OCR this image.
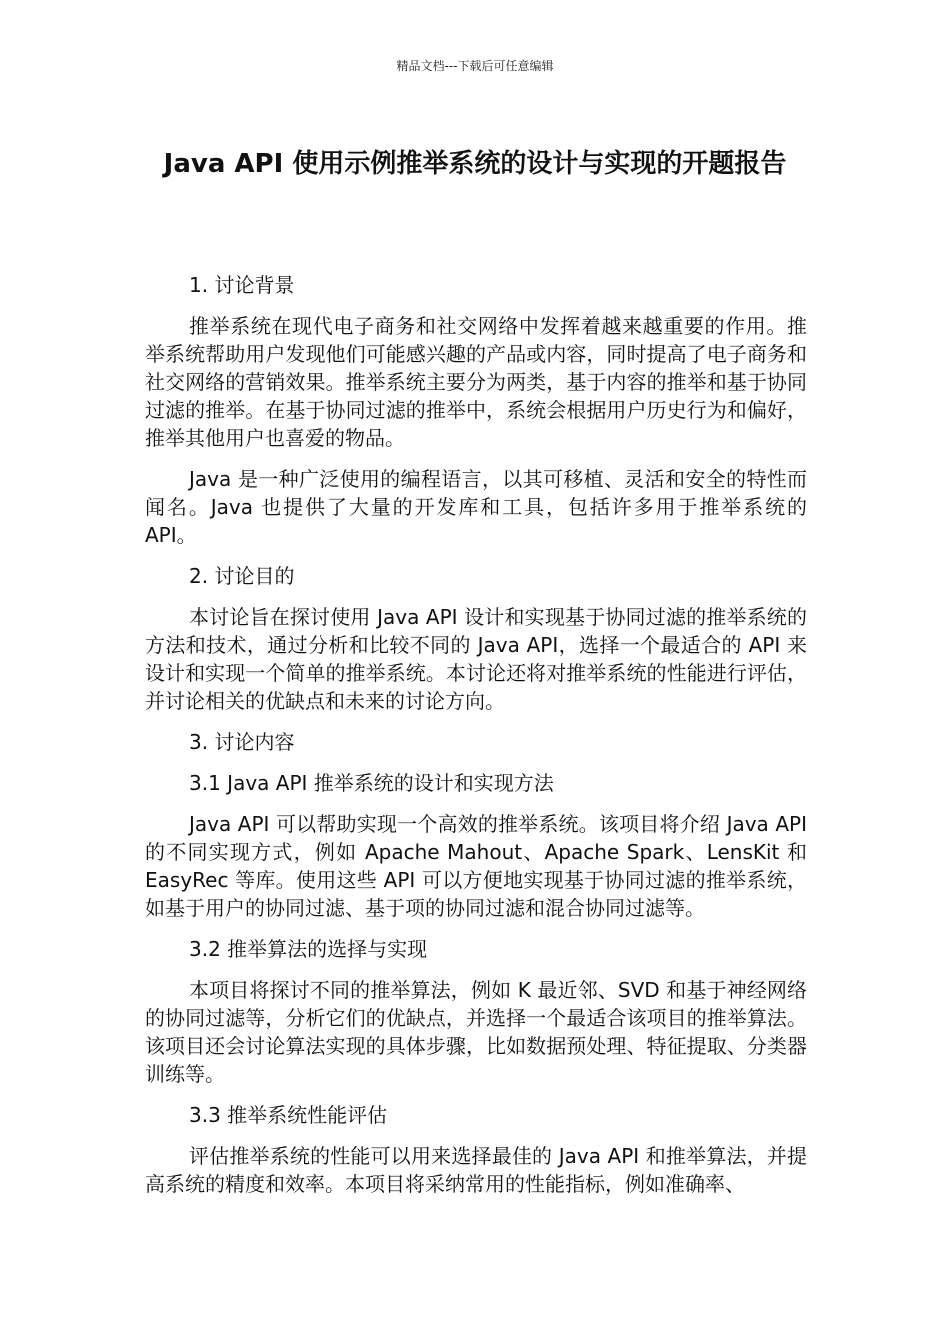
精品文档---下载后可任意编辑
Java API 使用示例推举系统的设计与实现的开题报告

1. 讨论背景

推举系统在现代电子商务和社交网络中发挥着越来越重要的作用。推举系统帮助用户发现他们可能感兴趣的产品或内容，同时提高了电子商务和社交网络的营销效果。推举系统主要分为两类，基于内容的推举和基于协同过滤的推举。在基于协同过滤的推举中，系统会根据用户历史行为和偏好，推举其他用户也喜爱的物品。

Java 是一种广泛使用的编程语言，以其可移植、灵活和安全的特性而闻名。Java 也提供了大量的开发库和工具，包括许多用于推举系统的 API。

2. 讨论目的

本讨论旨在探讨使用 Java API 设计和实现基于协同过滤的推举系统的方法和技术，通过分析和比较不同的 Java API，选择一个最适合的 API 来设计和实现一个简单的推举系统。本讨论还将对推举系统的性能进行评估，并讨论相关的优缺点和未来的讨论方向。

3. 讨论内容

3.1 Java API 推举系统的设计和实现方法

Java API 可以帮助实现一个高效的推举系统。该项目将介绍 Java API 的不同实现方式，例如 Apache Mahout、Apache Spark、LensKit 和 EasyRec 等库。使用这些 API 可以方便地实现基于协同过滤的推举系统，如基于用户的协同过滤、基于项的协同过滤和混合协同过滤等。

3.2 推举算法的选择与实现

本项目将探讨不同的推举算法，例如 K 最近邻、SVD 和基于神经网络的协同过滤等，分析它们的优缺点，并选择一个最适合该项目的推举算法。该项目还会讨论算法实现的具体步骤，比如数据预处理、特征提取、分类器训练等。

3.3 推举系统性能评估

评估推举系统的性能可以用来选择最佳的 Java API 和推举算法，并提高系统的精度和效率。本项目将采纳常用的性能指标，例如准确率、
